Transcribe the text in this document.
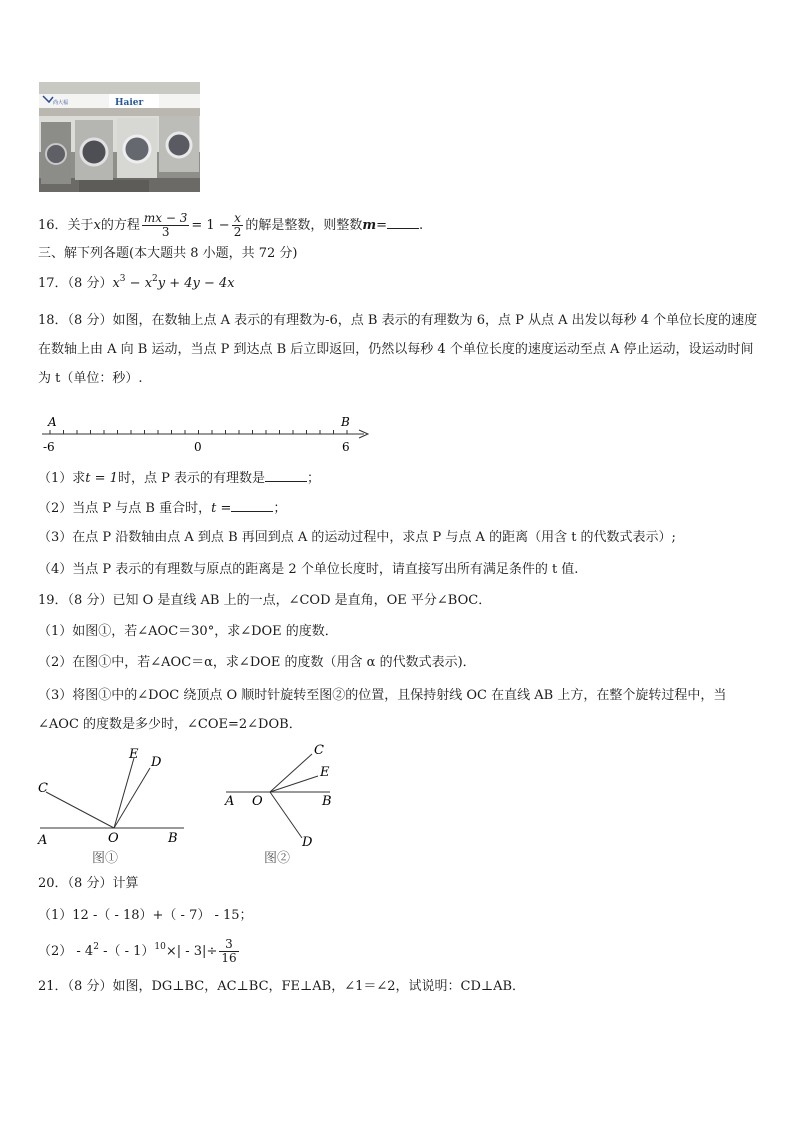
尚大福	Haier
16．关于x的方程 $\frac{mx - 3}{3} = 1 - \frac{x}{2}$ 的解是整数，则整数m= .
三、解下列各题(本大题共 8 小题，共 72 分)
17．（8 分）$x^3 - x^2y + 4y - 4x$
18．（8 分）如图，在数轴上点 A 表示的有理数为-6，点 B 表示的有理数为 6，点 P 从点 A 出发以每秒 4 个单位长度的速度在数轴上由 A 向 B 运动，当点 P 到达点 B 后立即返回，仍然以每秒 4 个单位长度的速度运动至点 A 停止运动，设运动时间为 t（单位：秒）.
A	B
-6	0	6
（1）求t = 1时，点 P 表示的有理数是	；
（2）当点 P 与点 B 重合时，t =	；
（3）在点 P 沿数轴由点 A 到点 B 再回到点 A 的运动过程中，求点 P 与点 A 的距离（用含 t 的代数式表示）;
（4）当点 P 表示的有理数与原点的距离是 2 个单位长度时，请直接写出所有满足条件的 t 值.
19．（8 分）已知 O 是直线 AB 上的一点，∠COD 是直角，OE 平分∠BOC．
（1）如图①，若∠AOC＝30°，求∠DOE 的度数．
（2）在图①中，若∠AOC＝α，求∠DOE 的度数（用含 α 的代数式表示)．
（3）将图①中的∠DOC 绕顶点 O 顺时针旋转至图②的位置，且保持射线 OC 在直线 AB 上方，在整个旋转过程中，当∠AOC 的度数是多少时，∠COE=2∠DOB．
C
E
D
A	O	B
图①
C
E
A O	B
D
图②
20．（8 分）计算
（1）12 -（ - 18）+（ - 7） - 15；
$(2) - 4^2$ -（ - $1)^{10}\times| - 3|\div \frac{3}{16}$
21．（8 分）如图，DG⊥BC，AC⊥BC，FE⊥AB，∠1＝∠2，试说明：CD⊥AB．
